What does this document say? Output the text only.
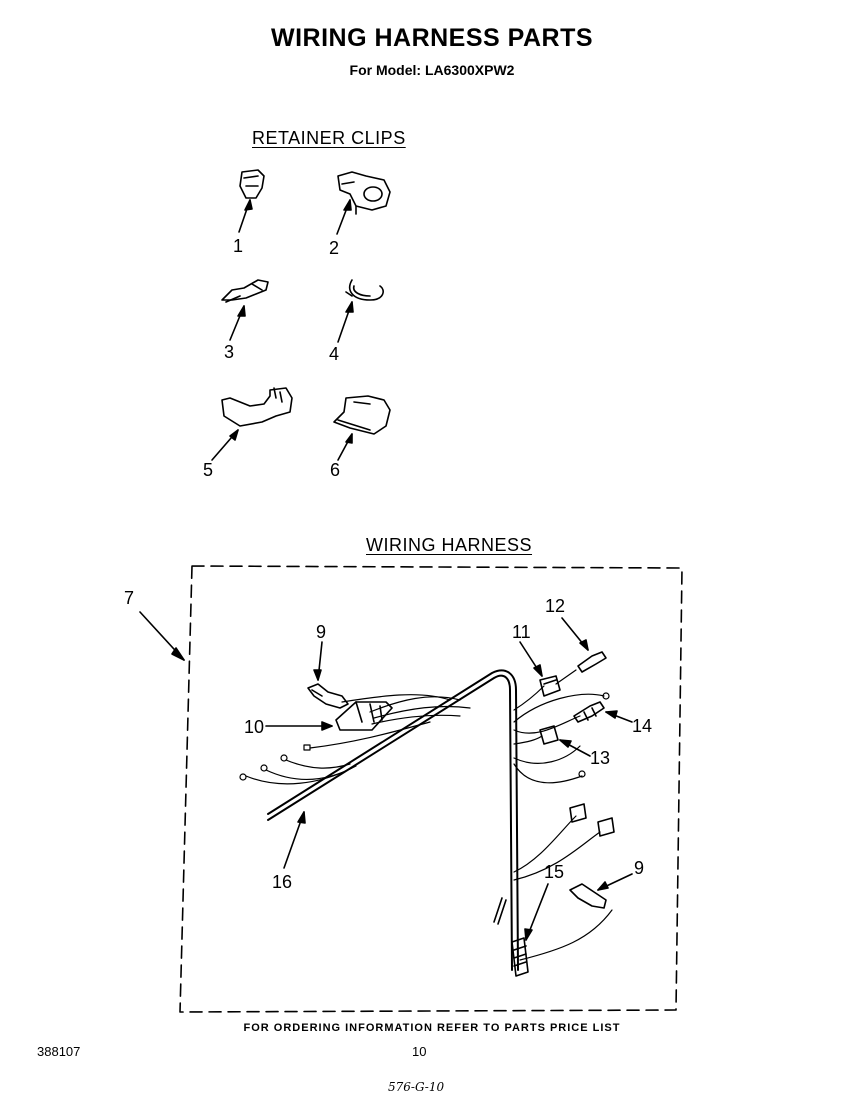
WIRING HARNESS PARTS
For Model: LA6300XPW2
RETAINER CLIPS
WIRING HARNESS
1	2
3	4
5	6
7
9
10
11
12
13
14
15	9
16
FOR ORDERING INFORMATION REFER TO PARTS PRICE LIST
388107	10
576-G-10
